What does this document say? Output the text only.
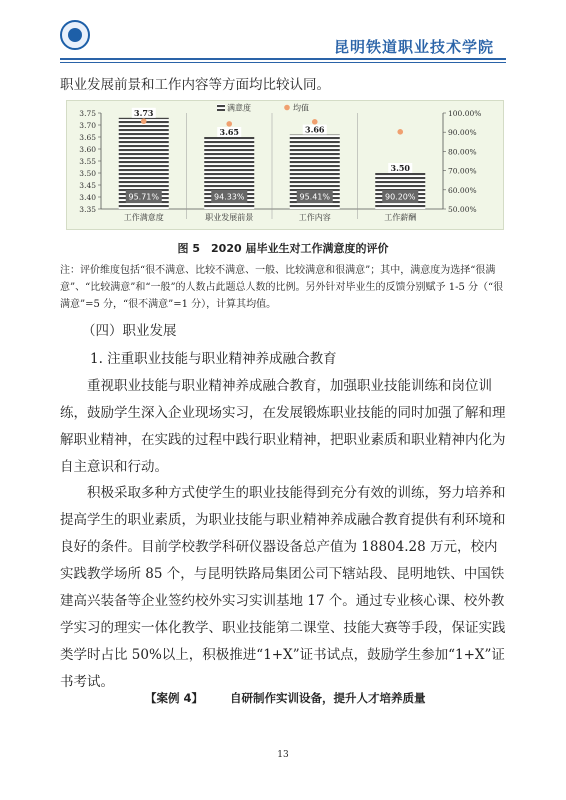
昆明铁道职业技术学院
职业发展前景和工作内容等方面均比较认同。
3.75
3.70
3.65
3.60
3.55
3.50
3.45
3.40
3.35
100.00%
90.00%
80.00%
70.00%
60.00%
50.00%
95.71%
3.73
工作满意度
94.33%
3.65
职业发展前景
95.41%
3.66
工作内容
90.20%
3.50
工作薪酬
满意度	均值
图 5　2020 届毕业生对工作满意度的评价
注：评价维度包括“很不满意、比较不满意、一般、比较满意和很满意”；其中，满意度为选择“很满意”、“比较满意”和“一般”的人数占此题总人数的比例。另外针对毕业生的反馈分别赋予 1-5 分（“很满意”=5 分，“很不满意”=1 分），计算其均值。
（四）职业发展
1. 注重职业技能与职业精神养成融合教育
重视职业技能与职业精神养成融合教育，加强职业技能训练和岗位训练，鼓励学生深入企业现场实习，在发展锻炼职业技能的同时加强了解和理解职业精神，在实践的过程中践行职业精神，把职业素质和职业精神内化为自主意识和行动。
积极采取多种方式使学生的职业技能得到充分有效的训练，努力培养和提高学生的职业素质，为职业技能与职业精神养成融合教育提供有利环境和良好的条件。目前学校教学科研仪器设备总产值为 18804.28 万元，校内实践教学场所 85 个，与昆明铁路局集团公司下辖站段、昆明地铁、中国铁建高兴装备等企业签约校外实习实训基地 17 个。通过专业核心课、校外教学实习的理实一体化教学、职业技能第二课堂、技能大赛等手段，保证实践类学时占比 50%以上，积极推进“1+X”证书试点，鼓励学生参加“1+X”证书考试。
【案例 4】 自研制作实训设备，提升人才培养质量
13
